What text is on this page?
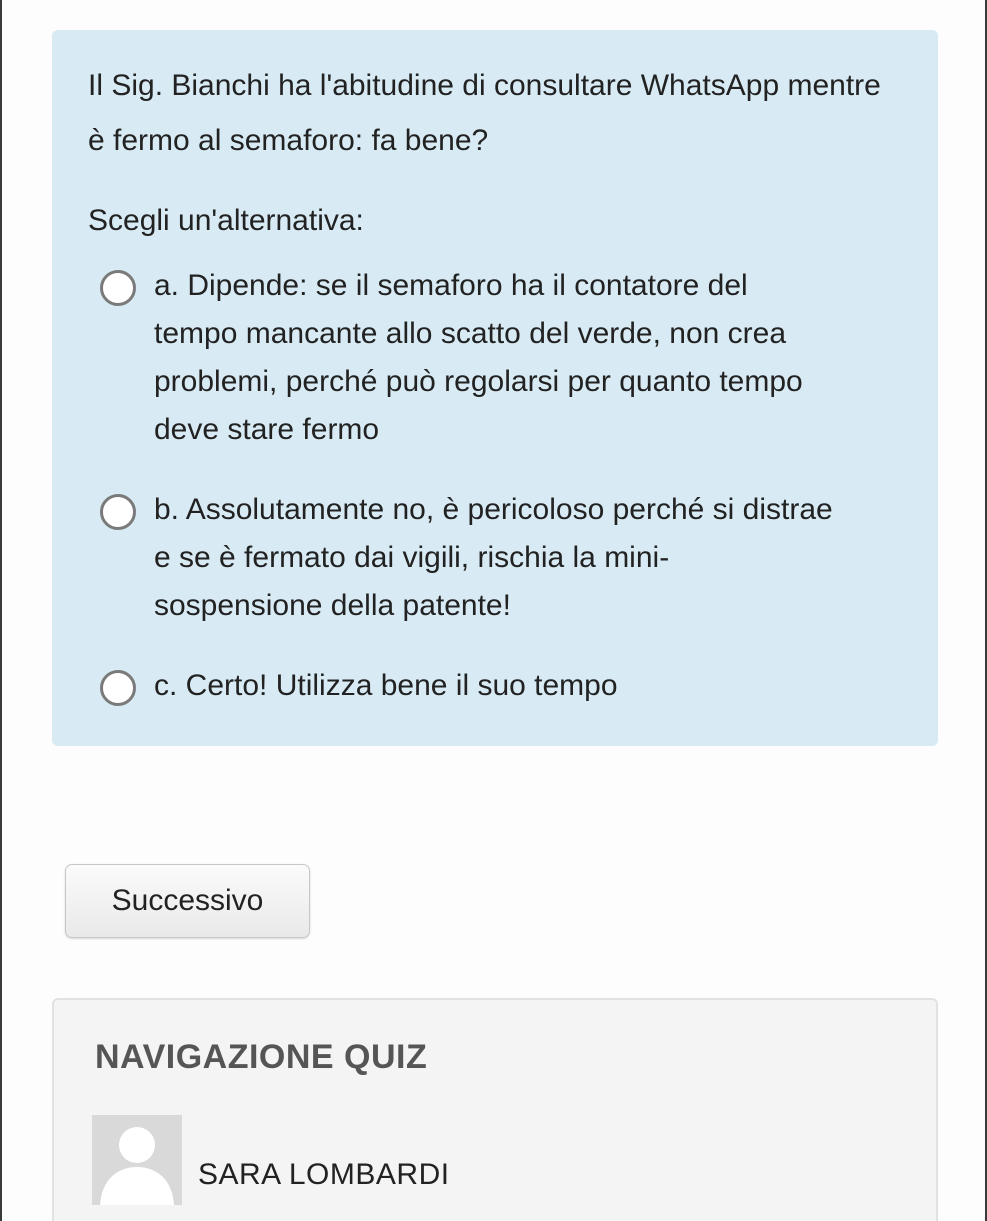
Il Sig. Bianchi ha l'abitudine di consultare WhatsApp mentre è fermo al semaforo: fa bene?
Scegli un'alternativa:
a. Dipende: se il semaforo ha il contatore del tempo mancante allo scatto del verde, non crea problemi, perché può regolarsi per quanto tempo deve stare fermo
b. Assolutamente no, è pericoloso perché si distrae e se è fermato dai vigili, rischia la mini-sospensione della patente!
c. Certo! Utilizza bene il suo tempo
Successivo
NAVIGAZIONE QUIZ
SARA LOMBARDI
